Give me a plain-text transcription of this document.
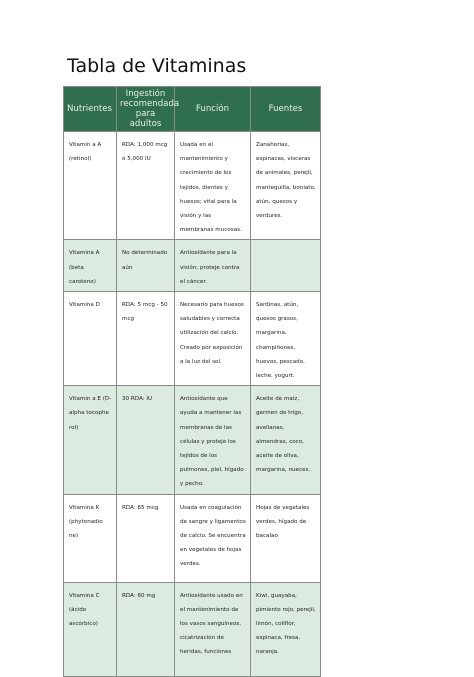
Tabla de Vitaminas
Nutrientes	Ingestión recomendada para adultos	Función	Fuentes
Vitamin a A (retinol)	RDA: 1,000 mcg ó 5,000 IU	Usada en el mantenimiento y crecimiento de los tejidos, dientes y huesos; vital para la visión y las membranas mucosas.	Zanahorias, espinacas, visceras de animales, perejil, mantequilla, boniato, atún, quesos y verdures.
Vitamina A (beta caroteno)	No determinado aún	Antioxidante para la visión; proteje contra el cáncer.	
Vitamina D	RDA: 5 mcg - 50 mcg	Necesario para huesos saludables y correcta utilización del calcio. Creado por exposición a la luz del sol.	Sardinas, atún, quesos grasos, margarina, champiñones, huevos, pescado, leche, yogurt.
Vitamin a E (D-alpha tocophe rol)	30 RDA: IU	Antioxidante que ayuda a mantener las membranas de las células y proteje los tejidos de los pulmones, piel, hígado y pecho.	Aceite de maíz, germen de trigo, avellanas, almendras, coco, aceite de oliva, margarina, nueces.
Vitamina K (phytonadio ne)	RDA: 65 mcg	Usada en coagulación de sangre y ligamentos de calcio. Se encuentra en vegetales de hojas verdes.	Hojas de vegetales verdes, hígado de bacalao
Vitamina C (ácido ascórbico)	RDA: 60 mg	Antioxidante usado en el mantenimiento de los vasos sanguíneos, cicatrización de heridas, funciones	Kiwi, guayaba, pimiento rojo, perejil, limón, coliflor, espinaca, fresa, naranja.
